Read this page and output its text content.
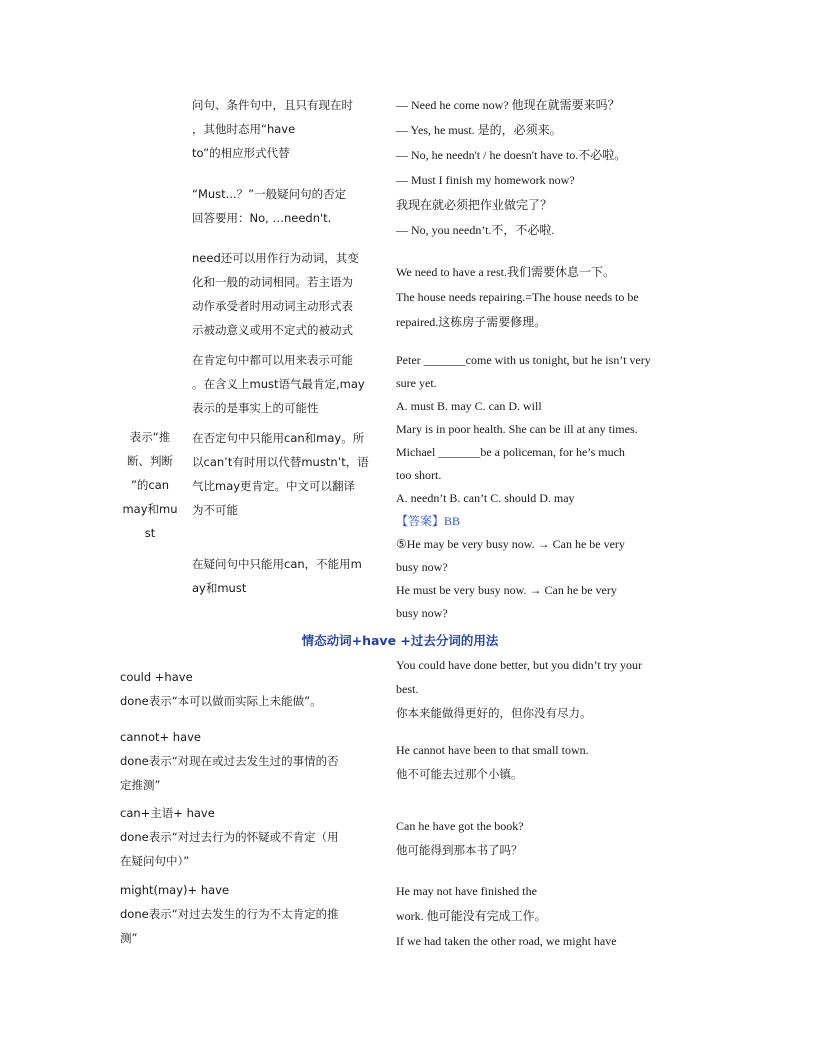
表示“推
断、判断
”的can
may和mu
st
问句、条件句中，且只有现在时
，其他时态用“have
to”的相应形式代替
“Must...？”一般疑问句的否定
回答要用：No, …needn't.
need还可以用作行为动词，其变
化和一般的动词相同。若主语为
动作承受者时用动词主动形式表
示被动意义或用不定式的被动式
在肯定句中都可以用来表示可能
。在含义上must语气最肯定,may
表示的是事实上的可能性
在否定句中只能用can和may。所
以can’t有时用以代替mustn’t，语
气比may更肯定。中文可以翻译
为不可能
在疑问句中只能用can，不能用m
ay和must
— Need he come now? 他现在就需要来吗？
— Yes, he must. 是的，必须来。
— No, he needn't / he doesn't have to.不必啦。
— Must I finish my homework now?
我现在就必须把作业做完了？
— No, you needn’t.不，不必啦.
We need to have a rest.我们需要休息一下。
The house needs repairing.=The house needs to be
repaired.这栋房子需要修理。
Peter _______come with us tonight, but he isn’t very
sure yet.
A. must B. may C. can D. will
Mary is in poor health. She can be ill at any times.
Michael _______be a policeman, for he’s much
too short.
A. needn’t B. can’t C. should D. may
【答案】BB
⑤He may be very busy now. → Can he be very
busy now?
He must be very busy now. → Can he be very
busy now?
情态动词+have +过去分词的用法
could +have
done表示“本可以做而实际上未能做”。
You could have done better, but you didn’t try your
best.
你本来能做得更好的，但你没有尽力。
cannot+ have
done表示“对现在或过去发生过的事情的否
定推测”
He cannot have been to that small town.
他不可能去过那个小镇。
can+主语+ have
done表示“对过去行为的怀疑或不肯定（用
在疑问句中）”
Can he have got the book?
他可能得到那本书了吗？
might(may)+ have
done表示“对过去发生的行为不太肯定的推
测”
He may not have finished the
work. 他可能没有完成工作。
If we had taken the other road, we might have
